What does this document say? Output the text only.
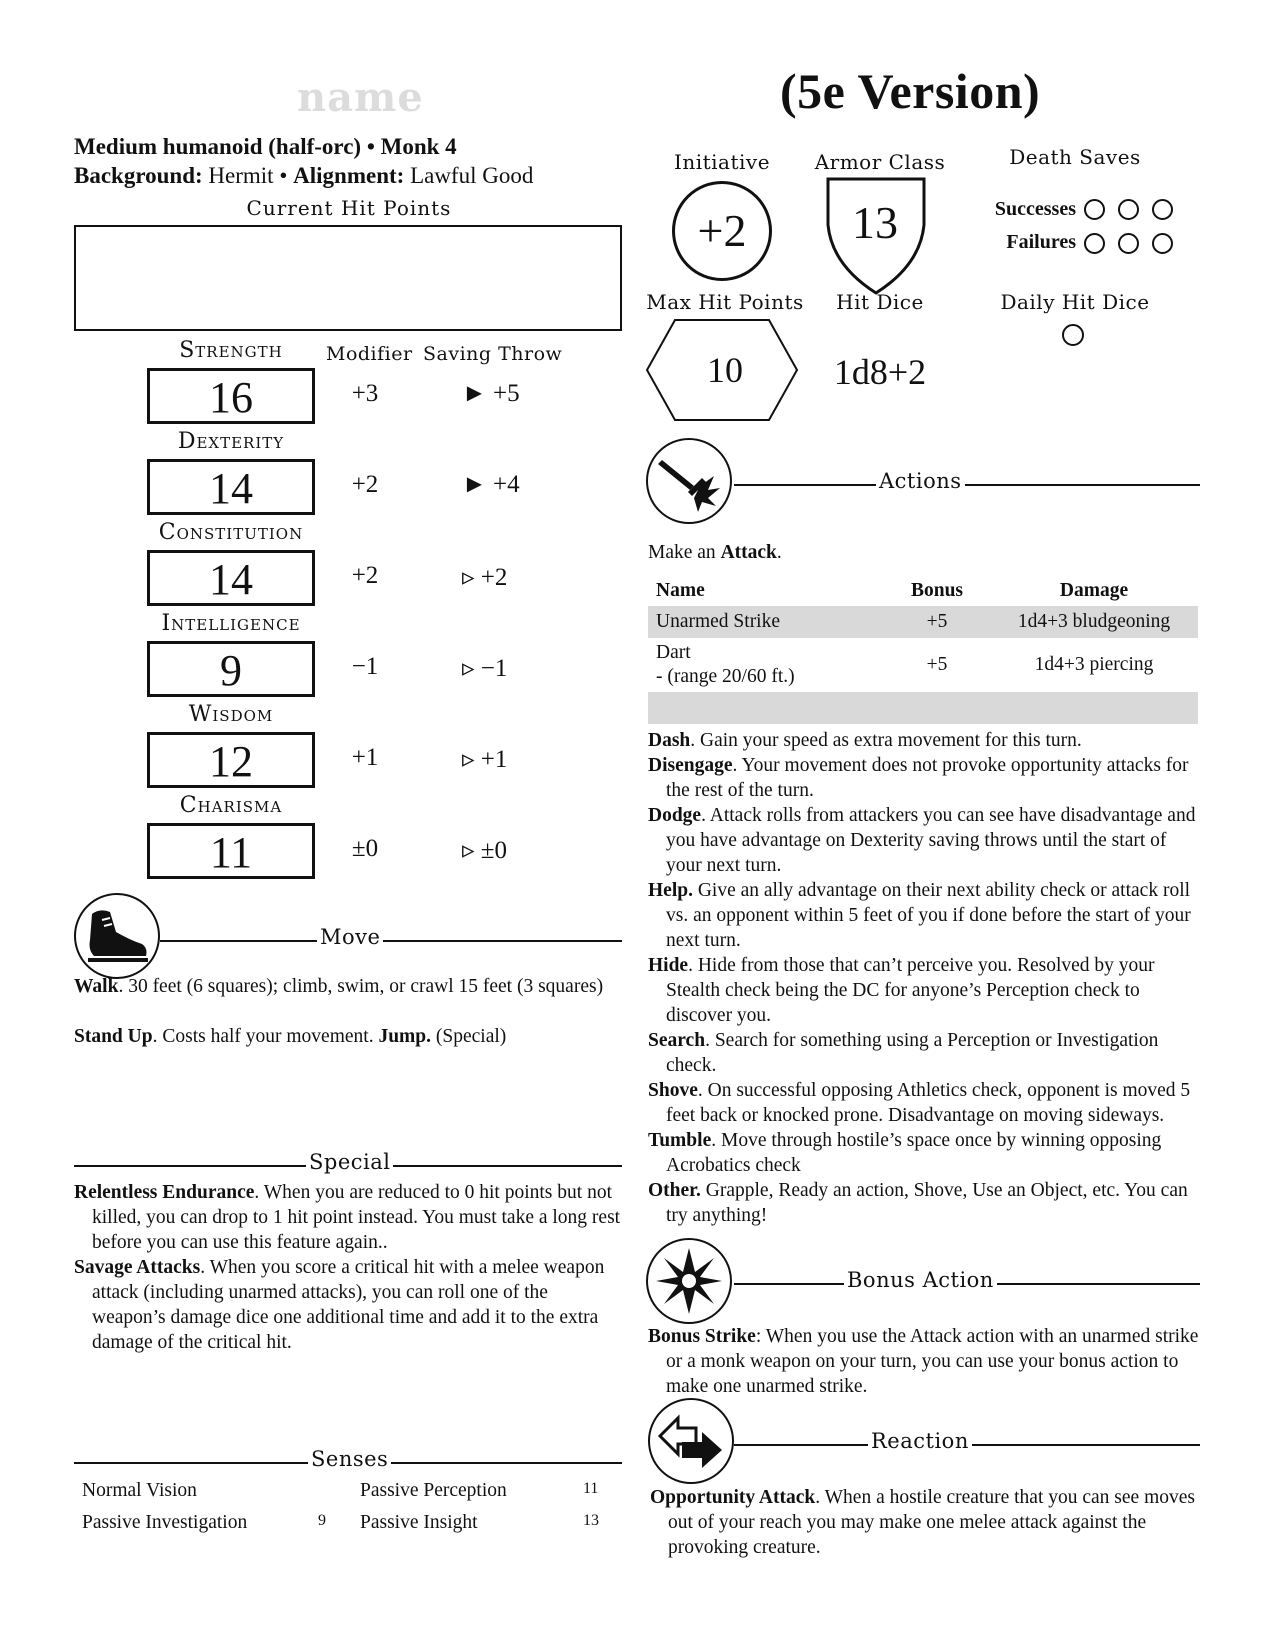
name	(5e Version)
Medium humanoid (half-orc) • Monk 4
Background: Hermit • Alignment: Lawful Good
Current Hit Points
Modifier Saving Throw
Strength
16	+3	► +5
Dexterity
14	+2	► +4
Constitution
14	+2	▹ +2
Intelligence
9	−1	▹ −1
Wisdom
12	+1	▹ +1
Charisma
11	±0	▹ ±0
Move
Walk. 30 feet (6 squares); climb, swim, or crawl 15 feet (3 squares)
Stand Up. Costs half your movement. Jump. (Special)
Special

Relentless Endurance. When you are reduced to 0 hit points but not killed, you can drop to 1 hit point instead. You must take a long rest before you can use this feature again..

Savage Attacks. When you score a critical hit with a melee weapon attack (including unarmed attacks), you can roll one of the weapon’s damage dice one additional time and add it to the extra damage of the critical hit.

Senses
Normal Vision
Passive Investigation	9
Passive Perception	11
Passive Insight	13
Initiative
+2
Armor Class
13
Death Saves
Successes
Failures
Max Hit Points
10
Hit Dice
1d8+2
Daily Hit Dice
Actions
Make an Attack.
Name	Bonus	Damage
Unarmed Strike	+5	1d4+3 bludgeoning
Dart
- (range 20/60 ft.)	+5	1d4+3 piercing

Dash. Gain your speed as extra movement for this turn.

Disengage. Your movement does not provoke opportunity attacks for the rest of the turn.

Dodge. Attack rolls from attackers you can see have disadvantage and you have advantage on Dexterity saving throws until the start of your next turn.

Help. Give an ally advantage on their next ability check or attack roll vs. an opponent within 5 feet of you if done before the start of your next turn.

Hide. Hide from those that can’t perceive you. Resolved by your Stealth check being the DC for anyone’s Perception check to discover you.

Search. Search for something using a Perception or Investigation check.

Shove. On successful opposing Athletics check, opponent is moved 5 feet back or knocked prone. Disadvantage on moving sideways.

Tumble. Move through hostile’s space once by winning opposing Acrobatics check

Other. Grapple, Ready an action, Shove, Use an Object, etc. You can try anything!

Bonus Action

Bonus Strike: When you use the Attack action with an unarmed strike or a monk weapon on your turn, you can use your bonus action to make one unarmed strike.

Reaction

Opportunity Attack. When a hostile creature that you can see moves out of your reach you may make one melee attack against the provoking creature.
